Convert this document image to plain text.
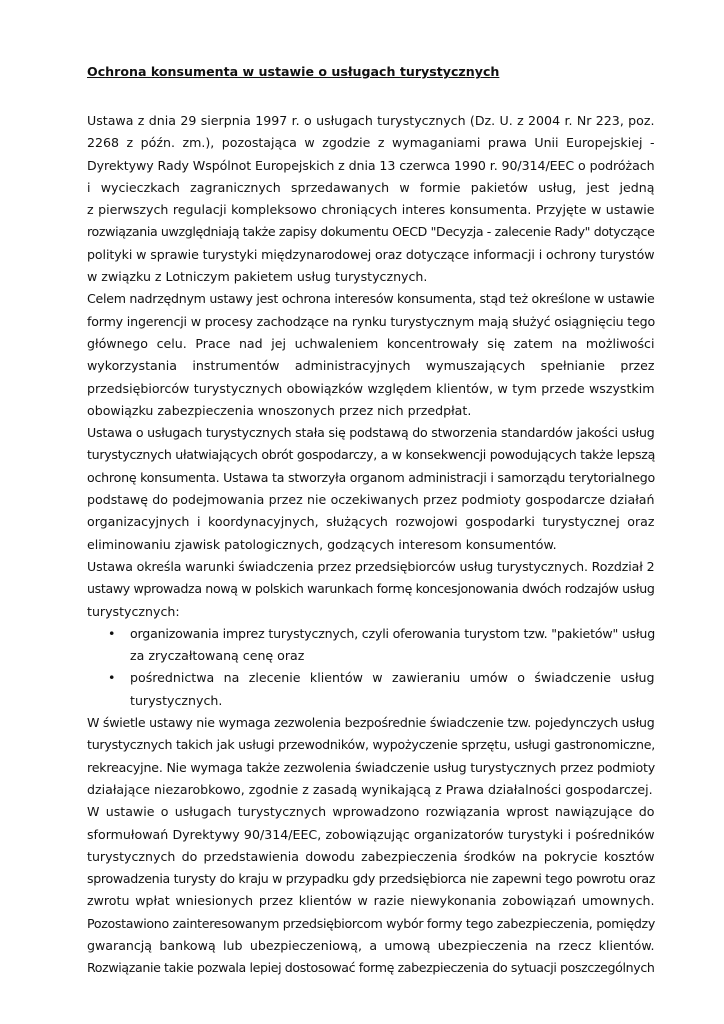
Ochrona konsumenta w ustawie o usługach turystycznych
Ustawa z dnia 29 sierpnia 1997 r. o usługach turystycznych (Dz. U. z 2004 r. Nr 223, poz.
2268 z późn. zm.), pozostająca w zgodzie z wymaganiami prawa Unii Europejskiej -
Dyrektywy Rady Wspólnot Europejskich z dnia 13 czerwca 1990 r. 90/314/EEC o podróżach
i wycieczkach zagranicznych sprzedawanych w formie pakietów usług, jest jedną
z pierwszych regulacji kompleksowo chroniących interes konsumenta. Przyjęte w ustawie
rozwiązania uwzględniają także zapisy dokumentu OECD "Decyzja - zalecenie Rady" dotyczące
polityki w sprawie turystyki międzynarodowej oraz dotyczące informacji i ochrony turystów
w związku z Lotniczym pakietem usług turystycznych.
Celem nadrzędnym ustawy jest ochrona interesów konsumenta, stąd też określone w ustawie
formy ingerencji w procesy zachodzące na rynku turystycznym mają służyć osiągnięciu tego
głównego celu. Prace nad jej uchwaleniem koncentrowały się zatem na możliwości
wykorzystania instrumentów administracyjnych wymuszających spełnianie przez
przedsiębiorców turystycznych obowiązków względem klientów, w tym przede wszystkim
obowiązku zabezpieczenia wnoszonych przez nich przedpłat.
Ustawa o usługach turystycznych stała się podstawą do stworzenia standardów jakości usług
turystycznych ułatwiających obrót gospodarczy, a w konsekwencji powodujących także lepszą
ochronę konsumenta. Ustawa ta stworzyła organom administracji i samorządu terytorialnego
podstawę do podejmowania przez nie oczekiwanych przez podmioty gospodarcze działań
organizacyjnych i koordynacyjnych, służących rozwojowi gospodarki turystycznej oraz
eliminowaniu zjawisk patologicznych, godzących interesom konsumentów.
Ustawa określa warunki świadczenia przez przedsiębiorców usług turystycznych. Rozdział 2
ustawy wprowadza nową w polskich warunkach formę koncesjonowania dwóch rodzajów usług
turystycznych:
• organizowania imprez turystycznych, czyli oferowania turystom tzw. "pakietów" usług
za zryczałtowaną cenę oraz
• pośrednictwa na zlecenie klientów w zawieraniu umów o świadczenie usług
turystycznych.
W świetle ustawy nie wymaga zezwolenia bezpośrednie świadczenie tzw. pojedynczych usług
turystycznych takich jak usługi przewodników, wypożyczenie sprzętu, usługi gastronomiczne,
rekreacyjne. Nie wymaga także zezwolenia świadczenie usług turystycznych przez podmioty
działające niezarobkowo, zgodnie z zasadą wynikającą z Prawa działalności gospodarczej.
W ustawie o usługach turystycznych wprowadzono rozwiązania wprost nawiązujące do
sformułowań Dyrektywy 90/314/EEC, zobowiązując organizatorów turystyki i pośredników
turystycznych do przedstawienia dowodu zabezpieczenia środków na pokrycie kosztów
sprowadzenia turysty do kraju w przypadku gdy przedsiębiorca nie zapewni tego powrotu oraz
zwrotu wpłat wniesionych przez klientów w razie niewykonania zobowiązań umownych.
Pozostawiono zainteresowanym przedsiębiorcom wybór formy tego zabezpieczenia, pomiędzy
gwarancją bankową lub ubezpieczeniową, a umową ubezpieczenia na rzecz klientów.
Rozwiązanie takie pozwala lepiej dostosować formę zabezpieczenia do sytuacji poszczególnych
